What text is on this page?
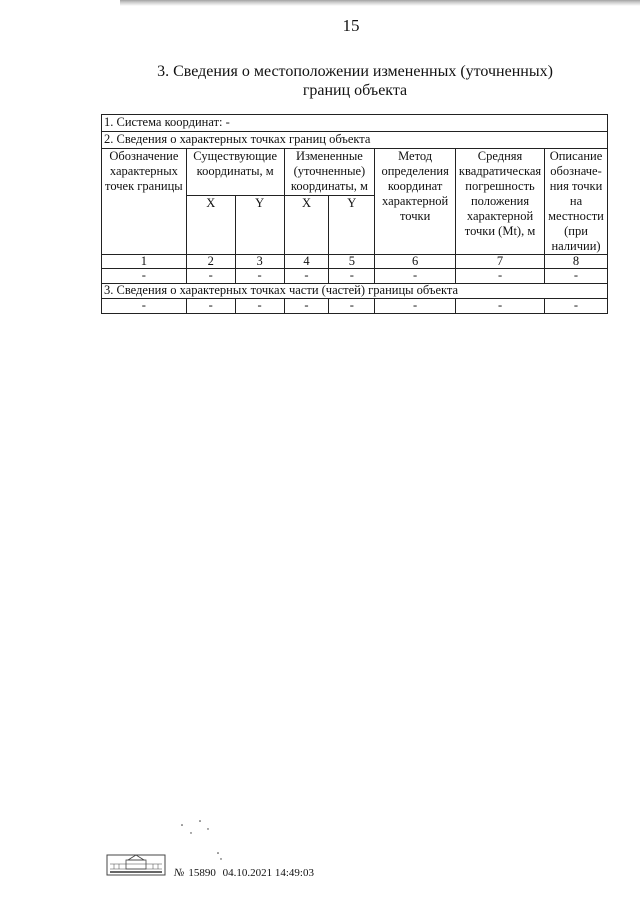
15
3. Сведения о местоположении измененных (уточненных)
границ объекта
1. Система координат: -							
2. Сведения о характерных точках границ объекта							
Обозначение характерных точек границы	Существующие координаты, м		Измененные (уточненные) координаты, м		Метод определения координат характерной точки	Средняя квадратическая погрешность положения характерной точки (Mt), м	Описание обозначе-ния точки на местности (при наличии)
	X	Y	X	Y			
1	2	3	4	5	6	7	8
-	-	-	-	-	-	-	-
3. Сведения о характерных точках части (частей) границы объекта							
-	-	-	-	-	-	-	-
№ 15890 04.10.2021 14:49:03
